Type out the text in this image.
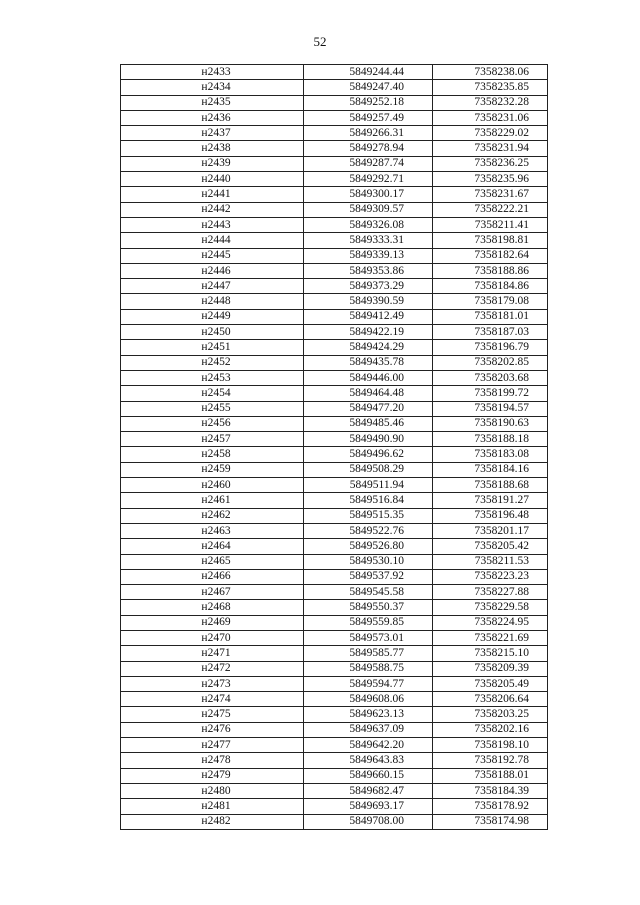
52
н2433	5849244.44	7358238.06
н2434	5849247.40	7358235.85
н2435	5849252.18	7358232.28
н2436	5849257.49	7358231.06
н2437	5849266.31	7358229.02
н2438	5849278.94	7358231.94
н2439	5849287.74	7358236.25
н2440	5849292.71	7358235.96
н2441	5849300.17	7358231.67
н2442	5849309.57	7358222.21
н2443	5849326.08	7358211.41
н2444	5849333.31	7358198.81
н2445	5849339.13	7358182.64
н2446	5849353.86	7358188.86
н2447	5849373.29	7358184.86
н2448	5849390.59	7358179.08
н2449	5849412.49	7358181.01
н2450	5849422.19	7358187.03
н2451	5849424.29	7358196.79
н2452	5849435.78	7358202.85
н2453	5849446.00	7358203.68
н2454	5849464.48	7358199.72
н2455	5849477.20	7358194.57
н2456	5849485.46	7358190.63
н2457	5849490.90	7358188.18
н2458	5849496.62	7358183.08
н2459	5849508.29	7358184.16
н2460	5849511.94	7358188.68
н2461	5849516.84	7358191.27
н2462	5849515.35	7358196.48
н2463	5849522.76	7358201.17
н2464	5849526.80	7358205.42
н2465	5849530.10	7358211.53
н2466	5849537.92	7358223.23
н2467	5849545.58	7358227.88
н2468	5849550.37	7358229.58
н2469	5849559.85	7358224.95
н2470	5849573.01	7358221.69
н2471	5849585.77	7358215.10
н2472	5849588.75	7358209.39
н2473	5849594.77	7358205.49
н2474	5849608.06	7358206.64
н2475	5849623.13	7358203.25
н2476	5849637.09	7358202.16
н2477	5849642.20	7358198.10
н2478	5849643.83	7358192.78
н2479	5849660.15	7358188.01
н2480	5849682.47	7358184.39
н2481	5849693.17	7358178.92
н2482	5849708.00	7358174.98
